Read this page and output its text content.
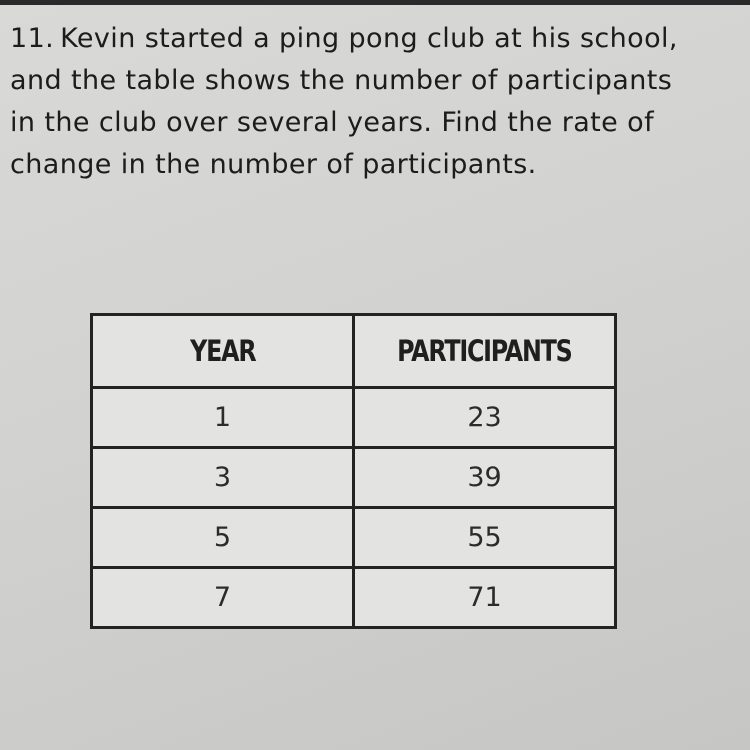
11. Kevin started a ping pong club at his school,
and the table shows the number of participants
in the club over several years. Find the rate of
change in the number of participants.
YEAR	PARTICIPANTS
1	23
3	39
5	55
7	71
